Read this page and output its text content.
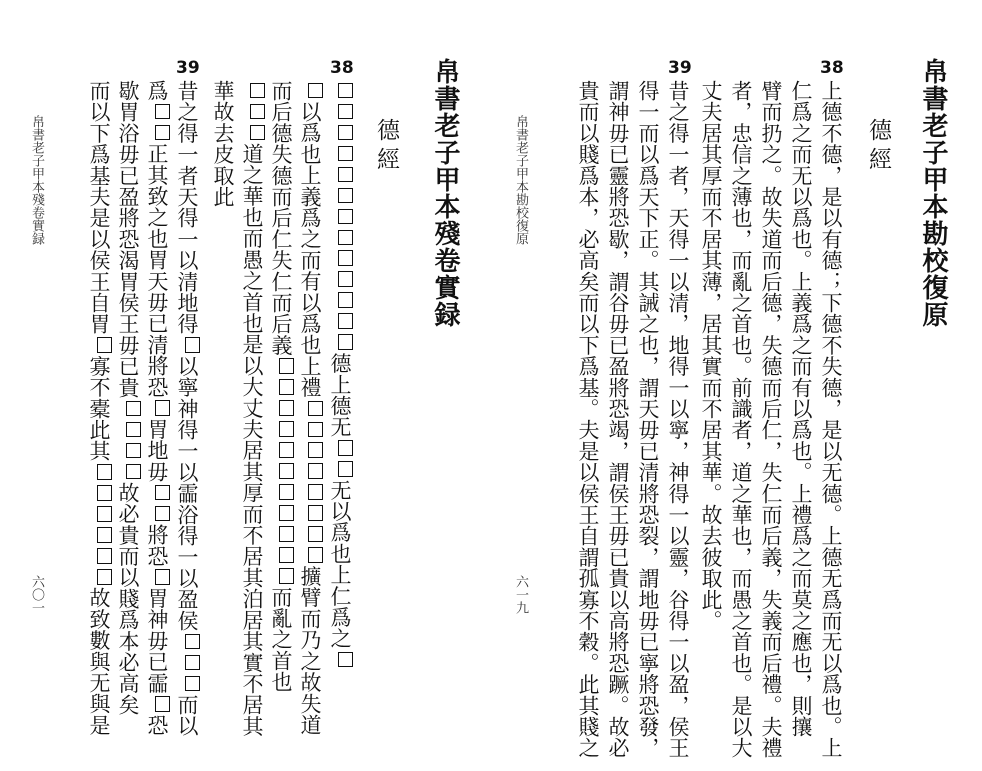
帛書老子甲本殘卷實録
六〇一
帛書老子甲本殘卷實録
德經
38
德上德无无以爲也上仁爲之
以爲也上義爲之而有以爲也上禮擴臂而乃之故失道
而后德失德而后仁失仁而后義而亂之首也
道之華也而愚之首也是以大丈夫居其厚而不居其泊居其實不居其
華故去皮取此
39
昔之得一者天得一以清地得以寧神得一以霝浴得一以盈侯而以
爲正其致之也胃天毋已清將恐胃地毋將恐胃神毋已霝恐
歇胃浴毋已盈將恐渴胃侯王毋已貴故必貴而以賤爲本必高矣
而以下爲基夫是以侯王自胃寡不橐此其故致數與无與是
帛書老子甲本勘校復原
六一九
帛書老子甲本勘校復原
德經
38
上德不德，是以有德；下德不失德，是以无德。上德无爲而无以爲也。上
仁爲之而无以爲也。上義爲之而有以爲也。上禮爲之而莫之應也，則攘
臂而扔之。故失道而后德，失德而后仁，失仁而后義，失義而后禮。夫禮
者，忠信之薄也，而亂之首也。前識者，道之華也，而愚之首也。是以大
丈夫居其厚而不居其薄，居其實而不居其華。故去彼取此。
39
昔之得一者，天得一以清，地得一以寧，神得一以靈，谷得一以盈，侯王
得一而以爲天下正。其誡之也，謂天毋已清將恐裂，謂地毋已寧將恐發，
謂神毋已靈將恐歇，謂谷毋已盈將恐竭，謂侯王毋已貴以高將恐蹶。故必
貴而以賤爲本，必高矣而以下爲基。夫是以侯王自謂孤寡不穀。此其賤之
